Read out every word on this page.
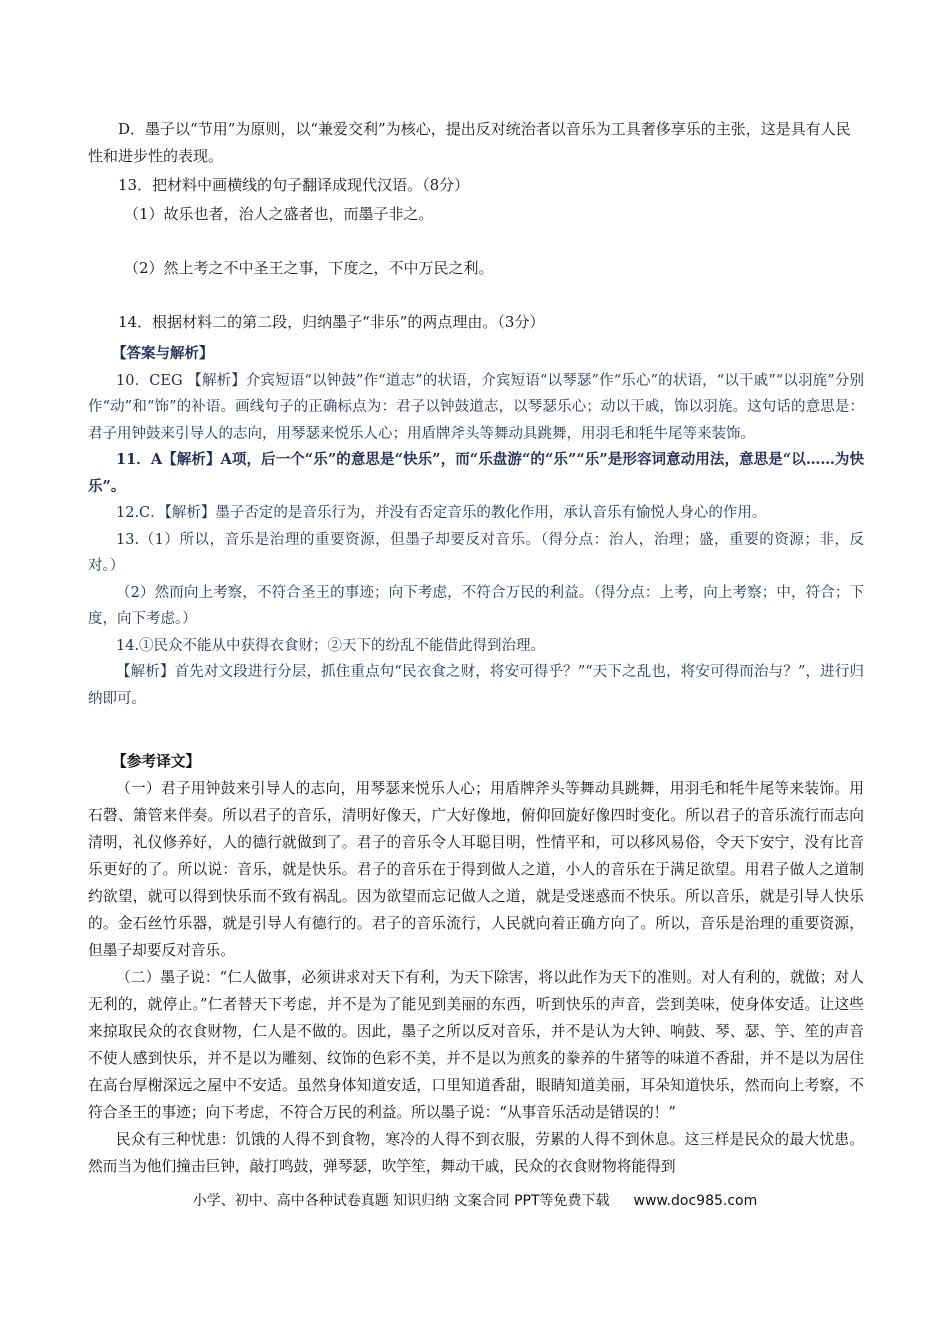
D．墨子以“节用”为原则，以“兼爱交利”为核心，提出反对统治者以音乐为工具奢侈享乐的主张，这是具有人民性和进步性的表现。

13．把材料中画横线的句子翻译成现代汉语。（8分）

（1）故乐也者，治人之盛者也，而墨子非之。

（2）然上考之不中圣王之事，下度之，不中万民之利。

14．根据材料二的第二段，归纳墨子“非乐”的两点理由。（3分）

【答案与解析】

10．CEG 【解析】介宾短语“以钟鼓”作“道志”的状语，介宾短语“以琴瑟”作“乐心”的状语，“以干戚”“以羽旄”分别作“动”和“饰”的补语。画线句子的正确标点为：君子以钟鼓道志，以琴瑟乐心；动以干戚，饰以羽旄。这句话的意思是：君子用钟鼓来引导人的志向，用琴瑟来悦乐人心；用盾牌斧头等舞动具跳舞，用羽毛和牦牛尾等来装饰。

11．A【解析】A项，后一个“乐”的意思是“快乐”，而“乐盘游“的“乐”“乐”是形容词意动用法，意思是“以……为快乐”。

12.C．【解析】墨子否定的是音乐行为，并没有否定音乐的教化作用，承认音乐有愉悦人身心的作用。

13.（1）所以，音乐是治理的重要资源，但墨子却要反对音乐。（得分点：治人，治理；盛，重要的资源；非，反对。）

（2）然而向上考察，不符合圣王的事迹；向下考虑，不符合万民的利益。（得分点：上考，向上考察；中，符合；下度，向下考虑。）

14.①民众不能从中获得衣食财；②天下的纷乱不能借此得到治理。

【解析】首先对文段进行分层，抓住重点句“民衣食之财，将安可得乎？”“天下之乱也，将安可得而治与？”，进行归纳即可。

【参考译文】

（一）君子用钟鼓来引导人的志向，用琴瑟来悦乐人心；用盾牌斧头等舞动具跳舞，用羽毛和牦牛尾等来装饰。用石磬、箫管来伴奏。所以君子的音乐，清明好像天，广大好像地，俯仰回旋好像四时变化。所以君子的音乐流行而志向清明，礼仪修养好，人的德行就做到了。君子的音乐令人耳聪目明，性情平和，可以移风易俗，令天下安宁，没有比音乐更好的了。所以说：音乐，就是快乐。君子的音乐在于得到做人之道，小人的音乐在于满足欲望。用君子做人之道制约欲望，就可以得到快乐而不致有祸乱。因为欲望而忘记做人之道，就是受迷惑而不快乐。所以音乐，就是引导人快乐的。金石丝竹乐器，就是引导人有德行的。君子的音乐流行，人民就向着正确方向了。所以，音乐是治理的重要资源，但墨子却要反对音乐。

（二）墨子说：“仁人做事，必须讲求对天下有利，为天下除害，将以此作为天下的准则。对人有利的，就做；对人无利的，就停止。”仁者替天下考虑，并不是为了能见到美丽的东西，听到快乐的声音，尝到美味，使身体安适。让这些来掠取民众的衣食财物，仁人是不做的。因此，墨子之所以反对音乐，并不是认为大钟、响鼓、琴、瑟、竽、笙的声音不使人感到快乐，并不是以为雕刻、纹饰的色彩不美，并不是以为煎炙的豢养的牛猪等的味道不香甜，并不是以为居住在高台厚榭深远之屋中不安适。虽然身体知道安适，口里知道香甜，眼睛知道美丽，耳朵知道快乐，然而向上考察，不符合圣王的事迹；向下考虑，不符合万民的利益。所以墨子说：“从事音乐活动是错误的！”

民众有三种忧患：饥饿的人得不到食物，寒冷的人得不到衣服，劳累的人得不到休息。这三样是民众的最大忧患。然而当为他们撞击巨钟，敲打鸣鼓，弹琴瑟，吹竽笙，舞动干戚，民众的衣食财物将能得到

小学、初中、高中各种试卷真题 知识归纳 文案合同 PPT等免费下载 www.doc985.com
